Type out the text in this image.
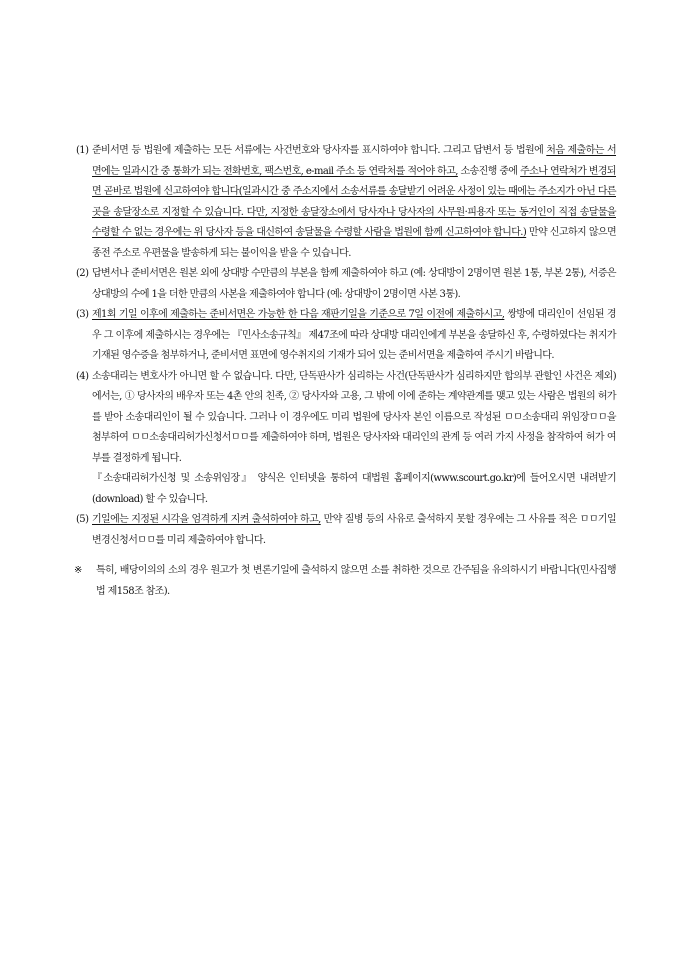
(1) 준비서면 등 법원에 제출하는 모든 서류에는 사건번호와 당사자를 표시하여야 합니다. 그리고 답변서 등 법원에 처음 제출하는 서면에는 일과시간 중 통화가 되는 전화번호, 팩스번호, e-mail 주소 등 연락처를 적어야 하고, 소송진행 중에 주소나 연락처가 변경되면 곧바로 법원에 신고하여야 합니다(일과시간 중 주소지에서 소송서류를 송달받기 어려운 사정이 있는 때에는 주소지가 아닌 다른 곳을 송달장소로 지정할 수 있습니다. 다만, 지정한 송달장소에서 당사자나 당사자의 사무원·피용자 또는 동거인이 직접 송달물을 수령할 수 없는 경우에는 위 당사자 등을 대신하여 송달물을 수령할 사람을 법원에 함께 신고하여야 합니다.) 만약 신고하지 않으면 종전 주소로 우편물을 발송하게 되는 불이익을 받을 수 있습니다.
(2) 답변서나 준비서면은 원본 외에 상대방 수만큼의 부본을 함께 제출하여야 하고 (예: 상대방이 2명이면 원본 1통, 부본 2통), 서증은 상대방의 수에 1을 더한 만큼의 사본을 제출하여야 합니다 (예: 상대방이 2명이면 사본 3통).
(3) 제1회 기일 이후에 제출하는 준비서면은 가능한 한 다음 재판기일을 기준으로 7일 이전에 제출하시고, 쌍방에 대리인이 선임된 경우 그 이후에 제출하시는 경우에는 『민사소송규칙』 제47조에 따라 상대방 대리인에게 부본을 송달하신 후, 수령하였다는 취지가 기재된 영수증을 첨부하거나, 준비서면 표면에 영수취지의 기재가 되어 있는 준비서면을 제출하여 주시기 바랍니다.
(4) 소송대리는 변호사가 아니면 할 수 없습니다. 다만, 단독판사가 심리하는 사건(단독판사가 심리하지만 합의부 관할인 사건은 제외)에서는, ① 당사자의 배우자 또는 4촌 안의 친족, ② 당사자와 고용, 그 밖에 이에 준하는 계약관계를 맺고 있는 사람은 법원의 허가를 받아 소송대리인이 될 수 있습니다. 그러나 이 경우에도 미리 법원에 당사자 본인 이름으로 작성된 ㅁㅁ소송대리 위임장ㅁㅁ을 첨부하여 ㅁㅁ소송대리허가신청서ㅁㅁ를 제출하여야 하며, 법원은 당사자와 대리인의 관계 등 여러 가지 사정을 참작하여 허가 여부를 결정하게 됩니다.
『소송대리허가신청 및 소송위임장』 양식은 인터넷을 통하여 대법원 홈페이지(www.scourt.go.kr)에 들어오시면 내려받기(download) 할 수 있습니다.
(5) 기일에는 지정된 시각을 엄격하게 지켜 출석하여야 하고, 만약 질병 등의 사유로 출석하지 못할 경우에는 그 사유를 적은 ㅁㅁ기일변경신청서ㅁㅁ를 미리 제출하여야 합니다.
※ 특히, 배당이의의 소의 경우 원고가 첫 변론기일에 출석하지 않으면 소를 취하한 것으로 간주됨을 유의하시기 바랍니다(민사집행법 제158조 참조).
